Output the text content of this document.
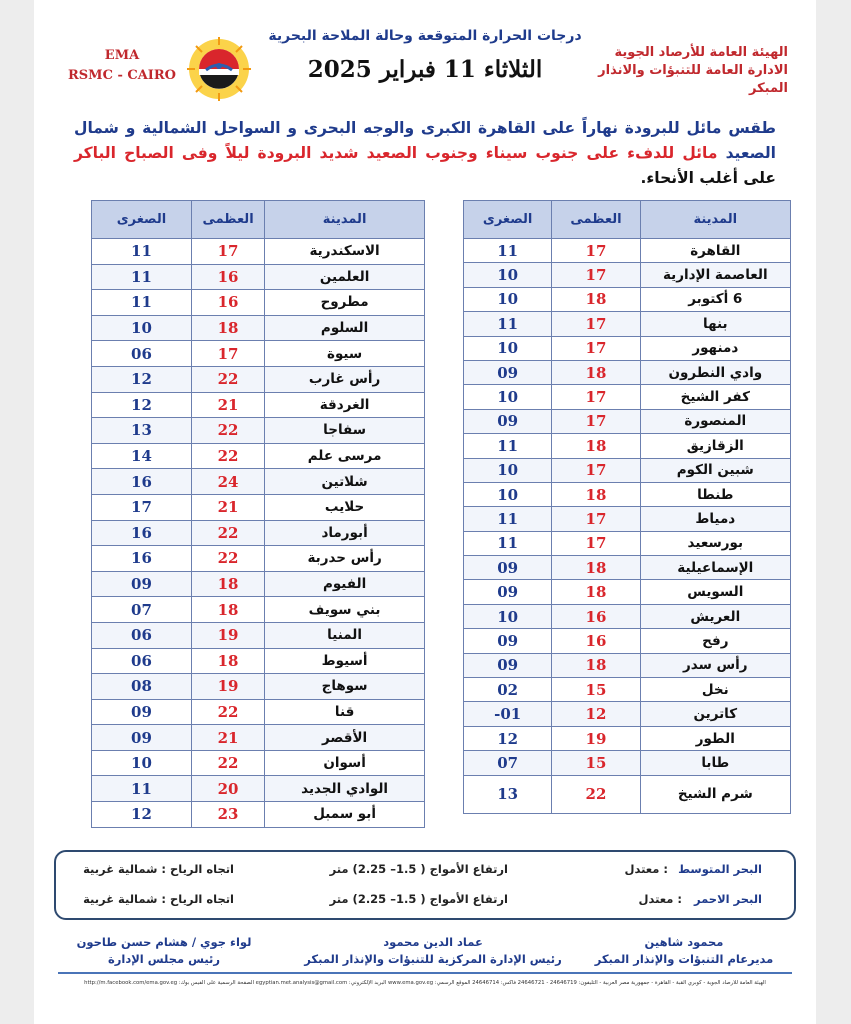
درجات الحرارة المتوقعة وحالة الملاحة البحرية
الثلاثاء 11 فبراير 2025
الهيئة العامة للأرصاد الجوية
الادارة العامة للتنبؤات والانذار المبكر
EMA
RSMC - CAIRO
طقس مائل للبرودة نهاراً على القاهرة الكبرى والوجه البحرى و السواحل الشمالية و شمال الصعيد مائل للدفء على جنوب سيناء وجنوب الصعيد شديد البرودة ليلاً وفى الصباح الباكر على أغلب الأنحاء.
المدينة	العظمى	الصغرى
القاهرة	17	11
العاصمة الإدارية	17	10
6 أكتوبر	18	10
بنها	17	11
دمنهور	17	10
وادي النطرون	18	09
كفر الشيخ	17	10
المنصورة	17	09
الزقازيق	18	11
شبين الكوم	17	10
طنطا	18	10
دمياط	17	11
بورسعيد	17	11
الإسماعيلية	18	09
السويس	18	09
العريش	16	10
رفح	16	09
رأس سدر	18	09
نخل	15	02
كاترين	12	01-
الطور	19	12
طابا	15	07
شرم الشيخ	22	13
المدينة	العظمى	الصغرى
الاسكندرية	17	11
العلمين	16	11
مطروح	16	11
السلوم	18	10
سيوة	17	06
رأس غارب	22	12
الغردقة	21	12
سفاجا	22	13
مرسى علم	22	14
شلاتين	24	16
حلايب	21	17
أبورماد	22	16
رأس حدربة	22	16
الفيوم	18	09
بني سويف	18	07
المنيا	19	06
أسيوط	18	06
سوهاج	19	08
قنا	22	09
الأقصر	21	09
أسوان	22	10
الوادي الجديد	20	11
أبو سمبل	23	12
البحر المتوسط
: معتدل
ارتفاع الأمواج ( 1.5– 2.25) متر
اتجاه الرياح : شمالية غربية
البحر الاحمر
: معتدل
ارتفاع الأمواج ( 1.5– 2.25) متر
اتجاه الرياح : شمالية غربية
محمود شاهين
مديرعام التنبؤات والإنذار المبكر
عماد الدين محمود
رئيس الإدارة المركزية للتنبؤات والإنذار المبكر
لواء جوي / هشام حسن طاحون
رئيس مجلس الإدارة
الهيئة العامة للأرصاد الجوية - كوبري القبة - القاهرة - جمهورية مصر العربية - التليفون: 24646719 - 24646721 فاكس: 24646714 الموقع الرسمي: www.ema.gov.eg البريد الإلكتروني: egyptian.met.analysis@gmail.com الصفحة الرسمية على الفيس بوك: http://m.facebook.com/ema.gov.eg
